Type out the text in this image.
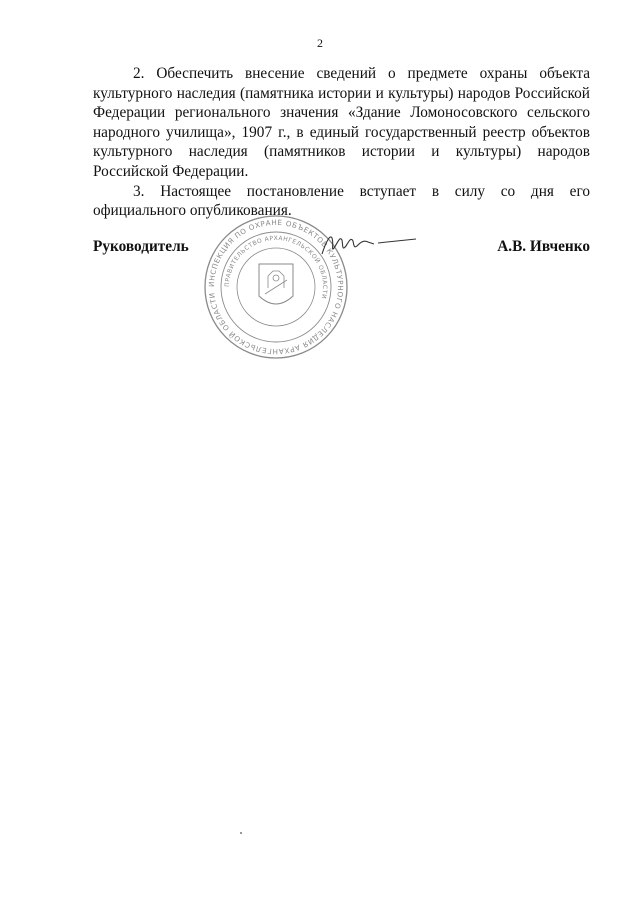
2

2. Обеспечить внесение сведений о предмете охраны объекта культурного наследия (памятника истории и культуры) народов Российской Федерации регионального значения «Здание Ломоносовского сельского народного училища», 1907 г., в единый государственный реестр объектов культурного наследия (памятников истории и культуры) народов Российской Федерации.

3. Настоящее постановление вступает в силу со дня его официального опубликования.

ИНСПЕКЦИЯ ПО ОХРАНЕ ОБЪЕКТОВ КУЛЬТУРНОГО НАСЛЕДИЯ АРХАНГЕЛЬСКОЙ ОБЛАСТИ
ПРАВИТЕЛЬСТВО АРХАНГЕЛЬСКОЙ ОБЛАСТИ
Руководитель	А.В. Ивченко
